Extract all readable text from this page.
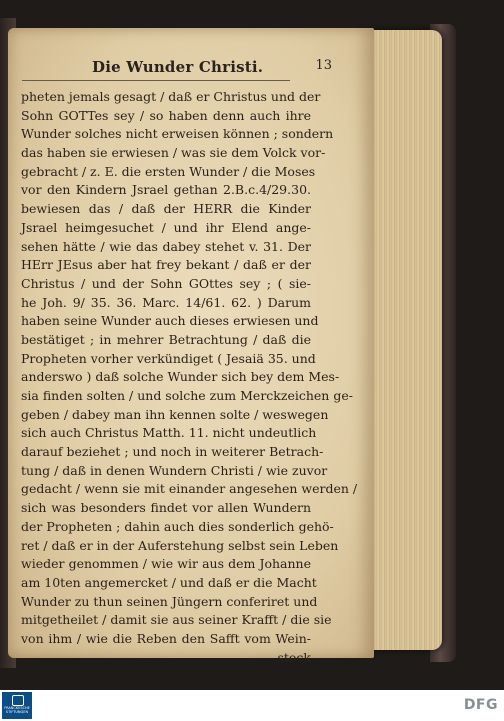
Die Wunder Christi.	13
pheten jemals gesagt / daß er Christus und der
Sohn GOTTes sey / so haben denn auch ihre
Wunder solches nicht erweisen können ; sondern
das haben sie erwiesen / was sie dem Volck vor-
gebracht / z. E. die ersten Wunder / die Moses
vor den Kindern Jsrael gethan 2.B.c.4/29.30.
bewiesen das / daß der HERR die Kinder
Jsrael heimgesuchet / und ihr Elend ange-
sehen hätte / wie das dabey stehet v. 31. Der
HErr JEsus aber hat frey bekant / daß er der
Christus / und der Sohn GOttes sey ; ( sie-
he Joh. 9/ 35. 36. Marc. 14/61. 62. ) Darum
haben seine Wunder auch dieses erwiesen und
bestätiget ; in mehrer Betrachtung / daß die
Propheten vorher verkündiget ( Jesaiä 35. und
anderswo ) daß solche Wunder sich bey dem Mes-
sia finden solten / und solche zum Merckzeichen ge-
geben / dabey man ihn kennen solte / weswegen
sich auch Christus Matth. 11. nicht undeutlich
darauf beziehet ; und noch in weiterer Betrach-
tung / daß in denen Wundern Christi / wie zuvor
gedacht / wenn sie mit einander angesehen werden /
sich was besonders findet vor allen Wundern
der Propheten ; dahin auch dies sonderlich gehö-
ret / daß er in der Auferstehung selbst sein Leben
wieder genommen / wie wir aus dem Johanne
am 10ten angemercket / und daß er die Macht
Wunder zu thun seinen Jüngern conferiret und
mitgetheilet / damit sie aus seiner Krafft / die sie
von ihm / wie die Reben den Safft vom Wein-
stock
FRANCKESCHE STIFTUNGEN	DFG
